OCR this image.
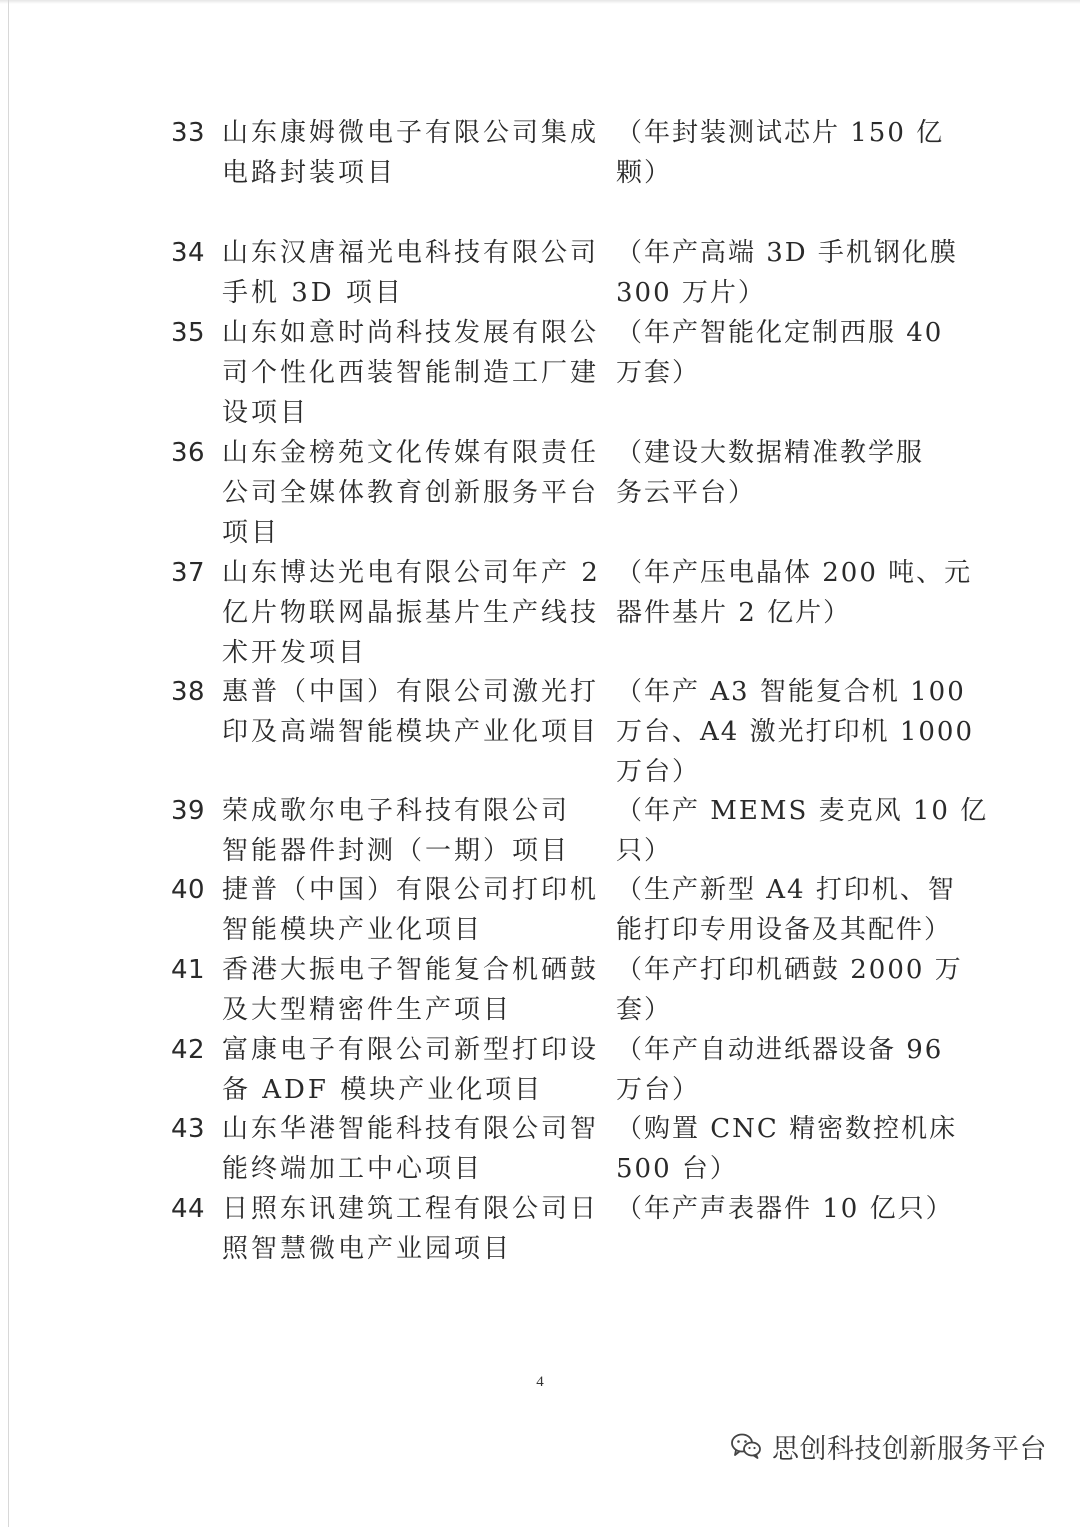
33 山东康姆微电子有限公司集成
电路封装项目
（年封装测试芯片 150 亿
颗）
34 山东汉唐福光电科技有限公司
手机 3D 项目
（年产高端 3D 手机钢化膜
300 万片）
35 山东如意时尚科技发展有限公
司个性化西装智能制造工厂建
设项目
（年产智能化定制西服 40
万套）
36 山东金榜苑文化传媒有限责任
公司全媒体教育创新服务平台
项目
（建设大数据精准教学服
务云平台）
37 山东博达光电有限公司年产 2
亿片物联网晶振基片生产线技
术开发项目
（年产压电晶体 200 吨、元
器件基片 2 亿片）
38 惠普（中国）有限公司激光打
印及高端智能模块产业化项目
（年产 A3 智能复合机 100
万台、A4 激光打印机 1000
万台）
39 荣成歌尔电子科技有限公司
智能器件封测（一期）项目
（年产 MEMS 麦克风 10 亿
只）
40 捷普（中国）有限公司打印机
智能模块产业化项目
（生产新型 A4 打印机、智
能打印专用设备及其配件）
41 香港大振电子智能复合机硒鼓
及大型精密件生产项目
（年产打印机硒鼓 2000 万
套）
42 富康电子有限公司新型打印设
备 ADF 模块产业化项目
（年产自动进纸器设备 96
万台）
43 山东华港智能科技有限公司智
能终端加工中心项目
（购置 CNC 精密数控机床
500 台）
44 日照东讯建筑工程有限公司日
照智慧微电产业园项目
（年产声表器件 10 亿只）
4
思创科技创新服务平台
